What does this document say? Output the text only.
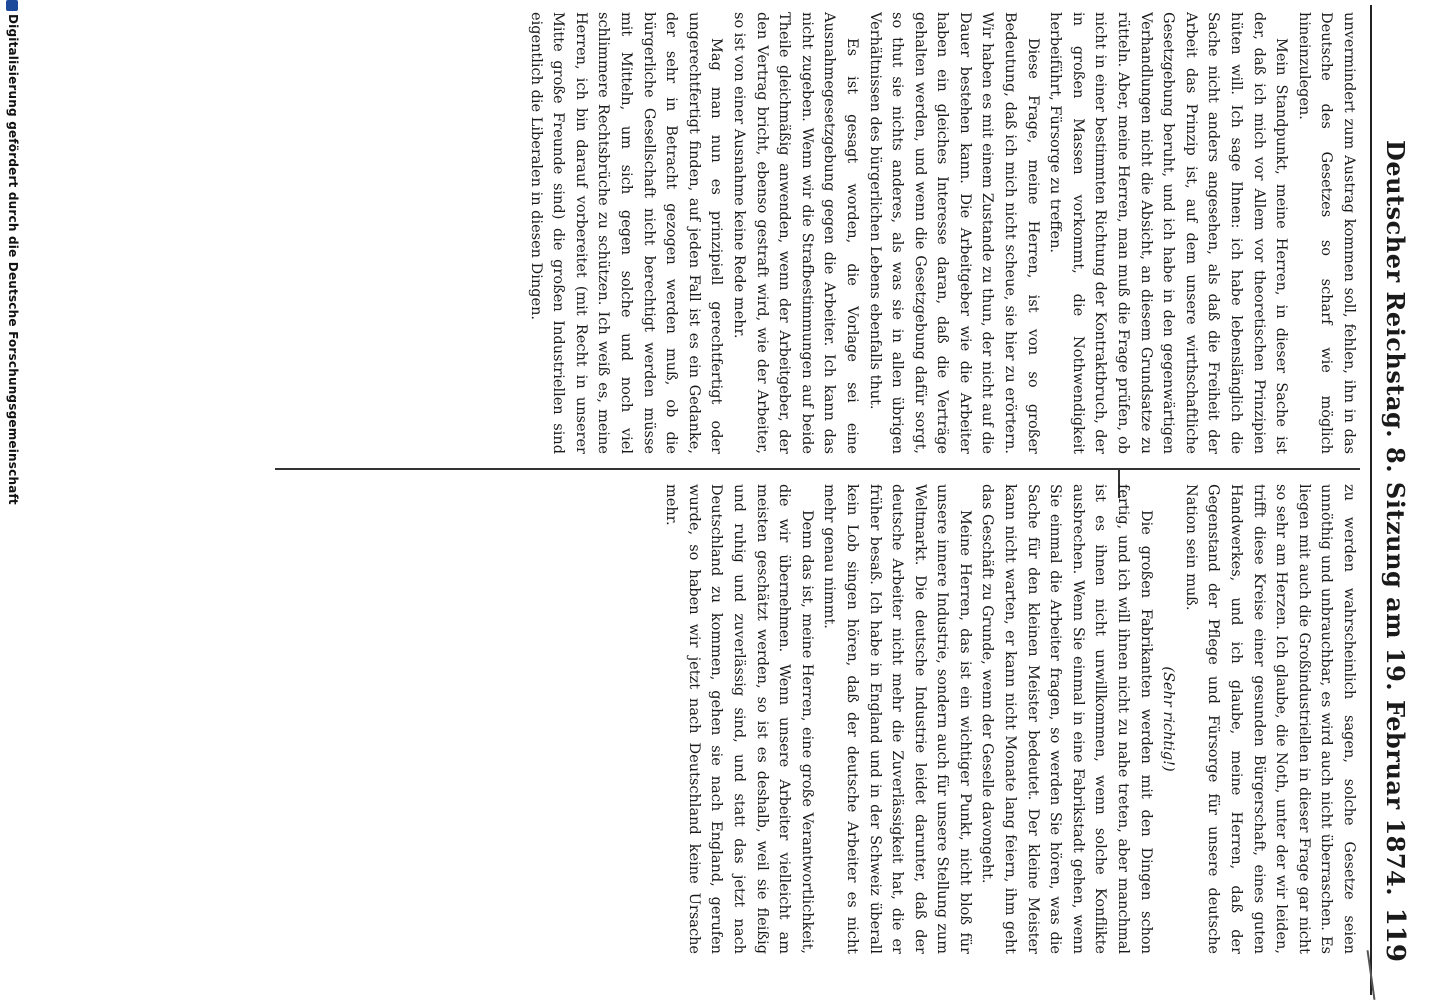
Deutscher Reichstag. 8. Sitzung am 19. Februar 1874.
119

unvermindert zum Austrag kommen soll, fehlen, ihn in das Deutsche des Gesetzes so scharf wie möglich hineinzulegen.

Mein Standpunkt, meine Herren, in dieser Sache ist der, daß ich mich vor Allem vor theoretischen Prinzipien hüten will. Ich sage Ihnen: ich habe lebenslänglich die Sache nicht anders angesehen, als daß die Freiheit der Arbeit das Prinzip ist, auf dem unsere wirthschaftliche Gesetzgebung beruht, und ich habe in den gegenwärtigen Verhandlungen nicht die Absicht, an diesem Grundsatze zu rütteln. Aber, meine Herren, man muß die Frage prüfen, ob nicht in einer bestimmten Richtung der Kontraktbruch, der in großen Massen vorkommt, die Nothwendigkeit herbeiführt, Fürsorge zu treffen.

Diese Frage, meine Herren, ist von so großer Bedeutung, daß ich mich nicht scheue, sie hier zu erörtern. Wir haben es mit einem Zustande zu thun, der nicht auf die Dauer bestehen kann. Die Arbeitgeber wie die Arbeiter haben ein gleiches Interesse daran, daß die Verträge gehalten werden, und wenn die Gesetzgebung dafür sorgt, so thut sie nichts anderes, als was sie in allen übrigen Verhältnissen des bürgerlichen Lebens ebenfalls thut.

Es ist gesagt worden, die Vorlage sei eine Ausnahmegesetzgebung gegen die Arbeiter. Ich kann das nicht zugeben. Wenn wir die Strafbestimmungen auf beide Theile gleichmäßig anwenden, wenn der Arbeitgeber, der den Vertrag bricht, ebenso gestraft wird, wie der Arbeiter, so ist von einer Ausnahme keine Rede mehr.

Mag man nun es prinzipiell gerechtfertigt oder ungerechtfertigt finden, auf jeden Fall ist es ein Gedanke, der sehr in Betracht gezogen werden muß, ob die bürgerliche Gesellschaft nicht berechtigt werden müsse mit Mitteln, um sich gegen solche und noch viel schlimmere Rechtsbrüche zu schützen. Ich weiß es, meine Herren, ich bin darauf vorbereitet (mit Recht in unserer Mitte große Freunde sind) die großen Industriellen sind eigentlich die Liberalen in diesen Dingen.

zu werden wahrscheinlich sagen, solche Gesetze seien unnöthig und unbrauchbar, es wird auch nicht überraschen. Es liegen mit auch die Großindustriellen in dieser Frage gar nicht so sehr am Herzen. Ich glaube, die Noth, unter der wir leiden, trifft diese Kreise einer gesunden Bürgerschaft, eines guten Handwerkes, und ich glaube, meine Herren, daß der Gegenstand der Pflege und Fürsorge für unsere deutsche Nation sein muß.

(Sehr richtig!)

Die großen Fabrikanten werden mit den Dingen schon fertig, und ich will ihnen nicht zu nahe treten, aber manchmal ist es ihnen nicht unwillkommen, wenn solche Konflikte ausbrechen. Wenn Sie einmal in eine Fabrikstadt gehen, wenn Sie einmal die Arbeiter fragen, so werden Sie hören, was die Sache für den kleinen Meister bedeutet. Der kleine Meister kann nicht warten, er kann nicht Monate lang feiern, ihm geht das Geschäft zu Grunde, wenn der Geselle davongeht.

Meine Herren, das ist ein wichtiger Punkt, nicht bloß für unsere innere Industrie, sondern auch für unsere Stellung zum Weltmarkt. Die deutsche Industrie leidet darunter, daß der deutsche Arbeiter nicht mehr die Zuverlässigkeit hat, die er früher besaß. Ich habe in England und in der Schweiz überall kein Lob singen hören, daß der deutsche Arbeiter es nicht mehr genau nimmt.

Denn das ist, meine Herren, eine große Verantwortlichkeit, die wir übernehmen. Wenn unsere Arbeiter vielleicht am meisten geschätzt werden, so ist es deshalb, weil sie fleißig und ruhig und zuverlässig sind, und statt das jetzt nach Deutschland zu kommen, gehen sie nach England, gerufen wurde, so haben wir jetzt nach Deutschland keine Ursache mehr.

Digitalisierung gefördert durch die Deutsche Forschungsgemeinschaft
